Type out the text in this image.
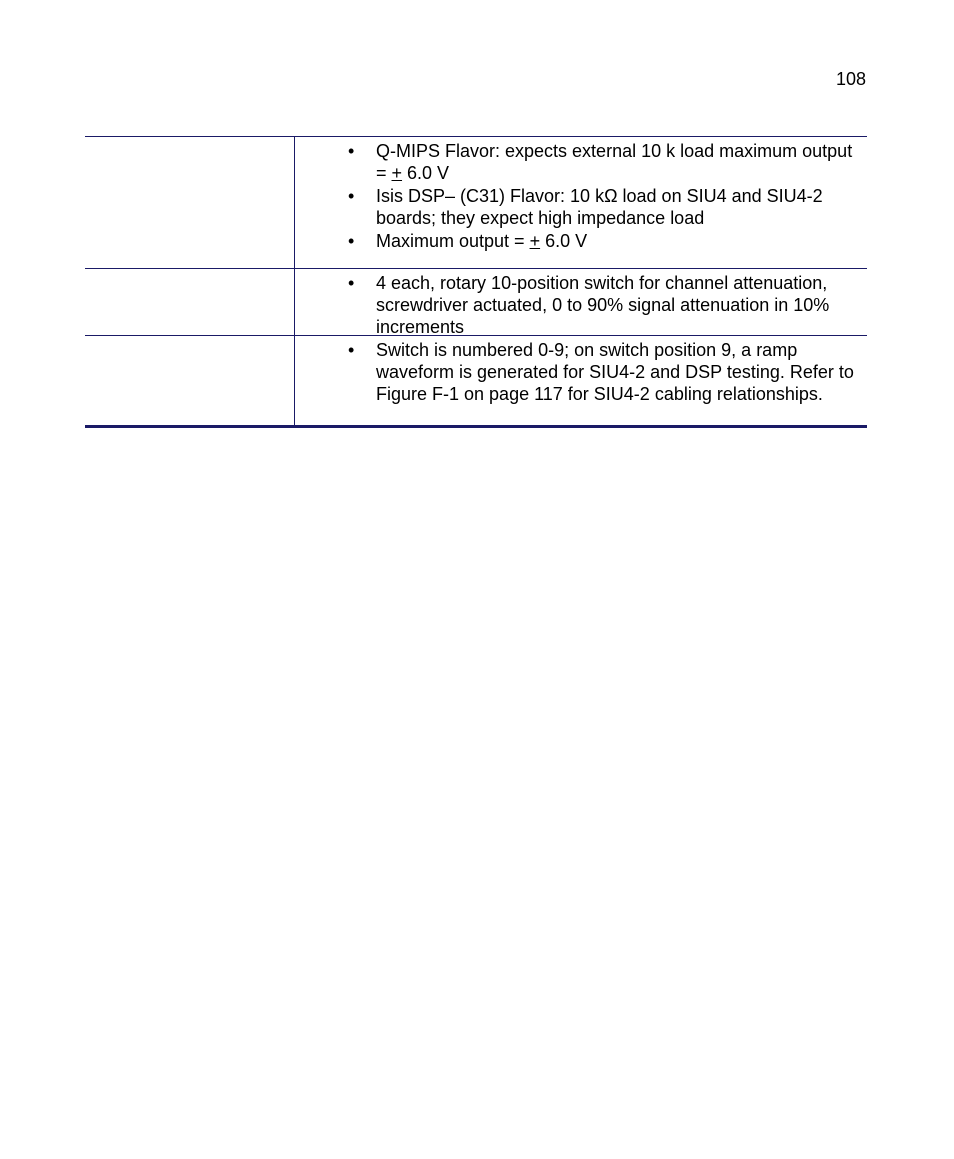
108
•	Q-MIPS Flavor: expects external 10 k load maximum output = + 6.0 V
•	Isis DSP– (C31) Flavor: 10 kΩ load on SIU4 and SIU4-2 boards; they expect high impedance load
•	Maximum output = + 6.0 V
•	4 each, rotary 10-position switch for channel attenuation, screwdriver actuated, 0 to 90% signal attenuation in 10% increments
•	Switch is numbered 0-9; on switch position 9, a ramp waveform is generated for SIU4-2 and DSP testing. Refer to Figure F-1 on page 117 for SIU4-2 cabling relationships.
